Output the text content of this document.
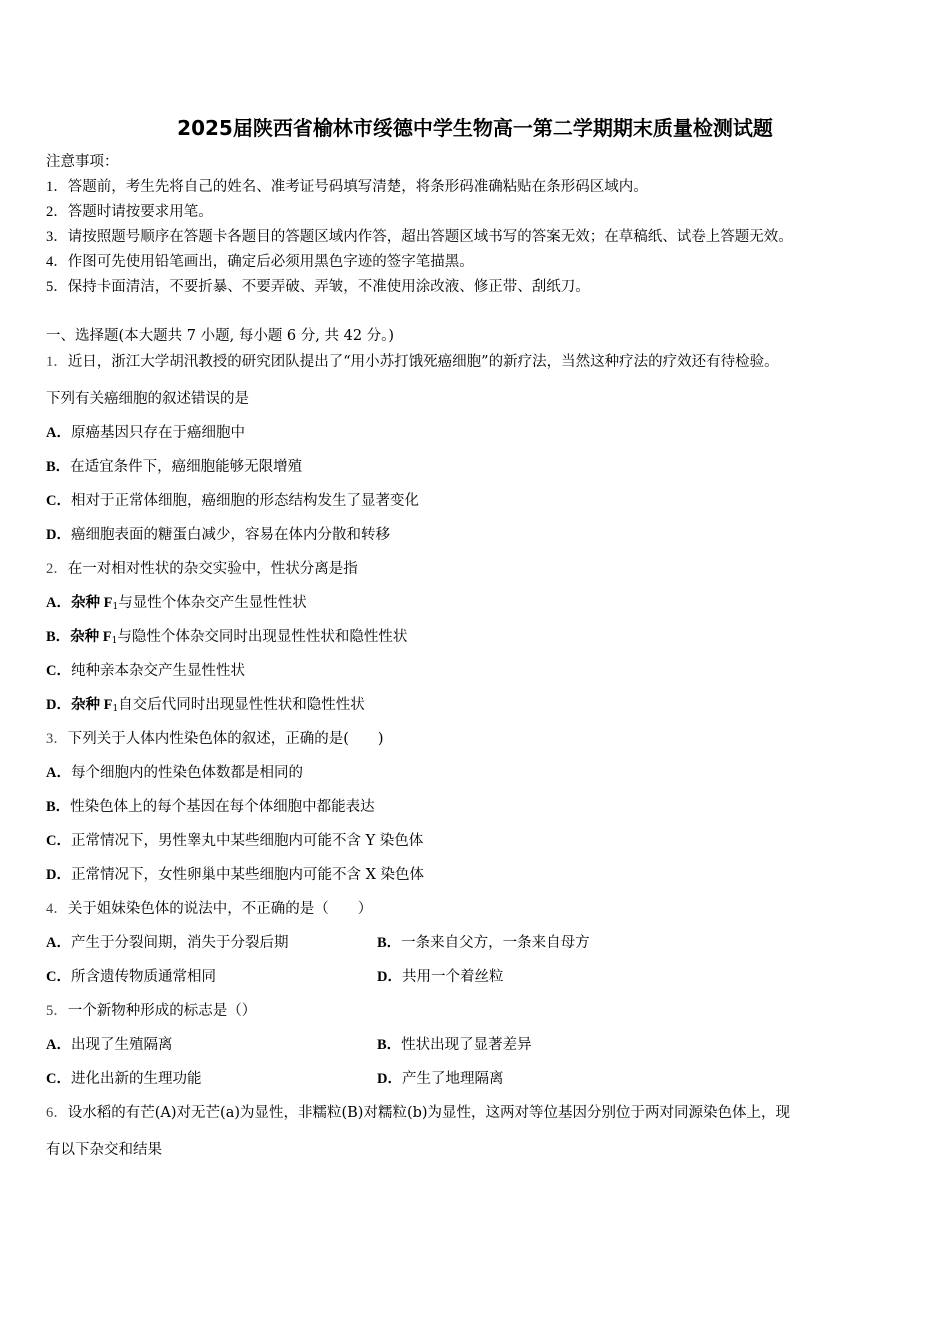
2025届陕西省榆林市绥德中学生物高一第二学期期末质量检测试题
注意事项：
1．答题前，考生先将自己的姓名、准考证号码填写清楚，将条形码准确粘贴在条形码区域内。
2．答题时请按要求用笔。
3．请按照题号顺序在答题卡各题目的答题区域内作答，超出答题区域书写的答案无效；在草稿纸、试卷上答题无效。
4．作图可先使用铅笔画出，确定后必须用黑色字迹的签字笔描黑。
5．保持卡面清洁，不要折暴、不要弄破、弄皱，不准使用涂改液、修正带、刮纸刀。
一、选择题(本大题共 7 小题, 每小题 6 分, 共 42 分。)
1．近日，浙江大学胡汛教授的研究团队提出了“用小苏打饿死癌细胞”的新疗法，当然这种疗法的疗效还有待检验。
下列有关癌细胞的叙述错误的是
A．原癌基因只存在于癌细胞中
B．在适宜条件下，癌细胞能够无限增殖
C．相对于正常体细胞，癌细胞的形态结构发生了显著变化
D．癌细胞表面的糖蛋白减少，容易在体内分散和转移
2．在一对相对性状的杂交实验中，性状分离是指
A．杂种 $F_1$与显性个体杂交产生显性性状
B．杂种 $F_1$与隐性个体杂交同时出现显性性状和隐性性状
C．纯种亲本杂交产生显性性状
D．杂种 $F_1$自交后代同时出现显性性状和隐性性状
3．下列关于人体内性染色体的叙述，正确的是(　　)
A．每个细胞内的性染色体数都是相同的
B．性染色体上的每个基因在每个体细胞中都能表达
C．正常情况下，男性睾丸中某些细胞内可能不含 Y 染色体
D．正常情况下，女性卵巢中某些细胞内可能不含 X 染色体
4．关于姐妹染色体的说法中，不正确的是（　　）
A．产生于分裂间期，消失于分裂后期	B．一条来自父方，一条来自母方
C．所含遗传物质通常相同	D．共用一个着丝粒
5．一个新物种形成的标志是（）
A．出现了生殖隔离	B．性状出现了显著差异
C．进化出新的生理功能	D．产生了地理隔离
6．设水稻的有芒(A)对无芒(a)为显性，非糯粒(B)对糯粒(b)为显性，这两对等位基因分别位于两对同源染色体上，现
有以下杂交和结果
